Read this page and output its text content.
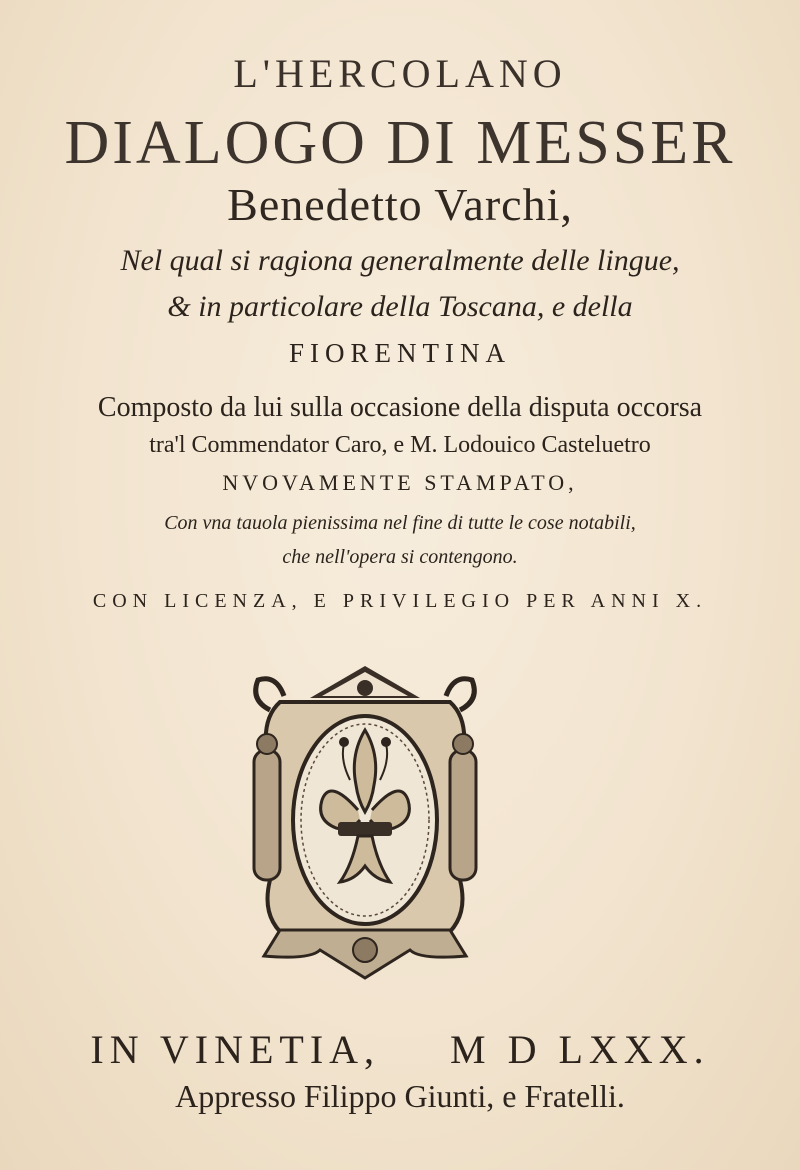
L'HERCOLANO
DIALOGO DI MESSER
Benedetto Varchi,
Nel qual si ragiona generalmente delle lingue,
& in particolare della Toscana, e della
FIORENTINA
Composto da lui sulla occasione della disputa occorsa
tra'l Commendator Caro, e M. Lodouico Casteluetro
NVOVAMENTE STAMPATO,
Con vna tauola pienissima nel fine di tutte le cose notabili,
che nell'opera si contengono.
CON LICENZA, E PRIVILEGIO PER ANNI X.
IN VINETIA, M D LXXX.
Appresso Filippo Giunti, e Fratelli.
